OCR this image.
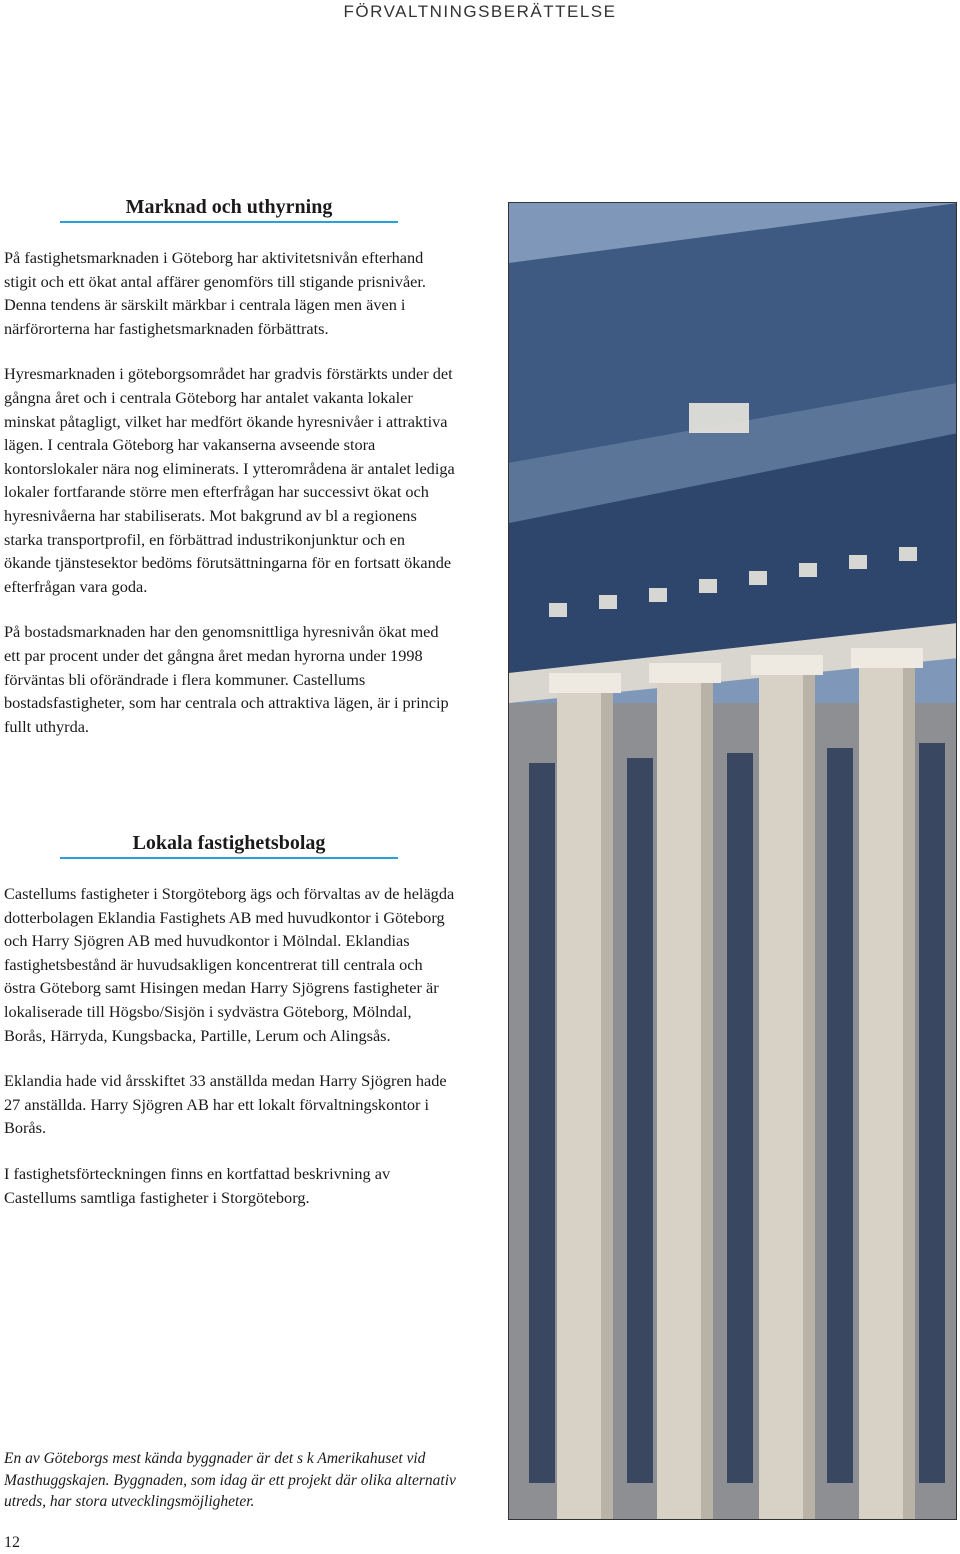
FÖRVALTNINGSBERÄTTELSE
Marknad och uthyrning

På fastighetsmarknaden i Göteborg har aktivitetsnivån efterhand stigit och ett ökat antal affärer genomförs till stigande prisnivåer. Denna tendens är särskilt märkbar i centrala lägen men även i närförorterna har fastighetsmarknaden förbättrats.

Hyresmarknaden i göteborgsområdet har gradvis förstärkts under det gångna året och i centrala Göteborg har antalet vakanta lokaler minskat påtagligt, vilket har medfört ökande hyresnivåer i attraktiva lägen. I centrala Göteborg har vakanserna avseende stora kontorslokaler nära nog eliminerats. I ytterområdena är antalet lediga lokaler fortfarande större men efterfrågan har successivt ökat och hyresnivåerna har stabiliserats. Mot bakgrund av bl a regionens starka transportprofil, en förbättrad industrikonjunktur och en ökande tjänstesektor bedöms förutsättningarna för en fortsatt ökande efterfrågan vara goda.

På bostadsmarknaden har den genomsnittliga hyresnivån ökat med ett par procent under det gångna året medan hyrorna under 1998 förväntas bli oförändrade i flera kommuner. Castellums bostadsfastigheter, som har centrala och attraktiva lägen, är i princip fullt uthyrda.

Lokala fastighetsbolag

Castellums fastigheter i Storgöteborg ägs och förvaltas av de helägda dotterbolagen Eklandia Fastighets AB med huvudkontor i Göteborg och Harry Sjögren AB med huvudkontor i Mölndal. Eklandias fastighetsbestånd är huvudsakligen koncentrerat till centrala och östra Göteborg samt Hisingen medan Harry Sjögrens fastigheter är lokaliserade till Högsbo/Sisjön i sydvästra Göteborg, Mölndal, Borås, Härryda, Kungsbacka, Partille, Lerum och Alingsås.

Eklandia hade vid årsskiftet 33 anställda medan Harry Sjögren hade 27 anställda. Harry Sjögren AB har ett lokalt förvaltningskontor i Borås.

I fastighetsförteckningen finns en kortfattad beskrivning av Castellums samtliga fastigheter i Storgöteborg.

En av Göteborgs mest kända byggnader är det s k Amerikahuset vid Masthuggskajen. Byggnaden, som idag är ett projekt där olika alternativ utreds, har stora utvecklingsmöjligheter.

12
